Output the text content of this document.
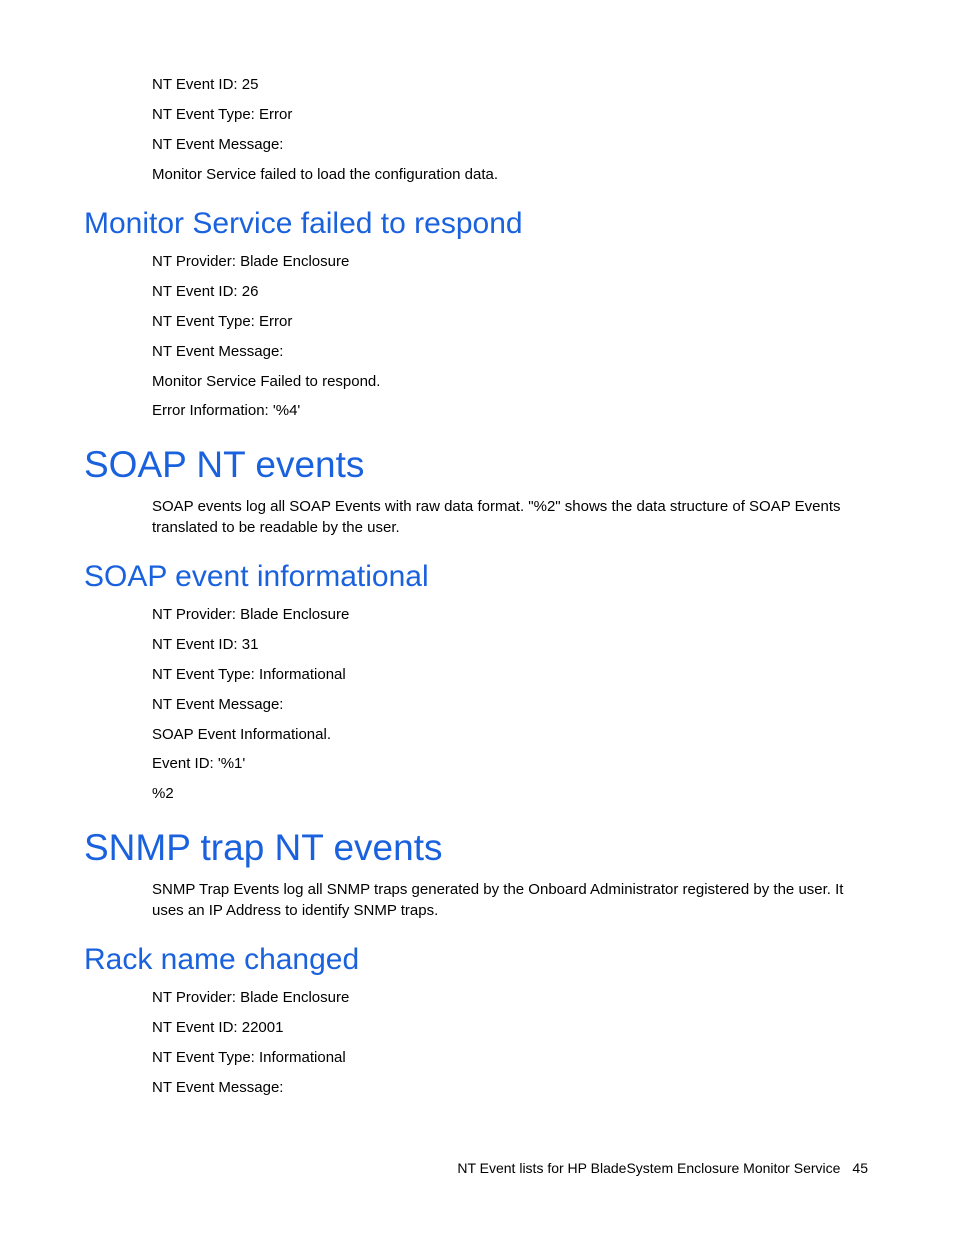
NT Event ID: 25
NT Event Type: Error
NT Event Message:
Monitor Service failed to load the configuration data.
Monitor Service failed to respond
NT Provider: Blade Enclosure
NT Event ID: 26
NT Event Type: Error
NT Event Message:
Monitor Service Failed to respond.
Error Information: '%4'
SOAP NT events
SOAP events log all SOAP Events with raw data format. "%2" shows the data structure of SOAP Events translated to be readable by the user.
SOAP event informational
NT Provider: Blade Enclosure
NT Event ID: 31
NT Event Type: Informational
NT Event Message:
SOAP Event Informational.
Event ID: '%1'
%2
SNMP trap NT events
SNMP Trap Events log all SNMP traps generated by the Onboard Administrator registered by the user. It uses an IP Address to identify SNMP traps.
Rack name changed
NT Provider: Blade Enclosure
NT Event ID: 22001
NT Event Type: Informational
NT Event Message:
NT Event lists for HP BladeSystem Enclosure Monitor Service 45
